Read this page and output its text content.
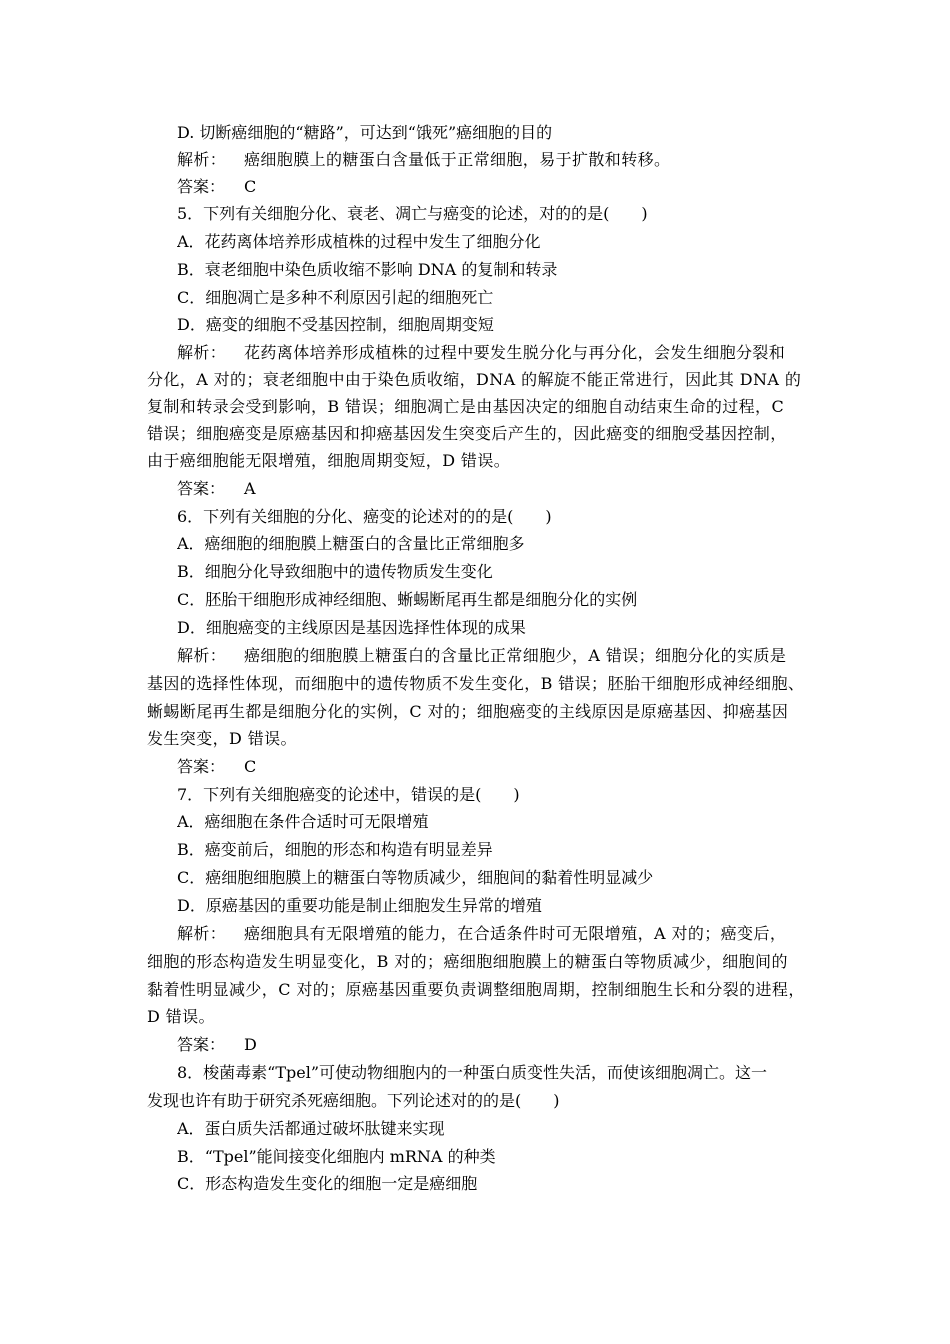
D. 切断癌细胞的“糖路”，可达到“饿死”癌细胞的目的
解析： 癌细胞膜上的糖蛋白含量低于正常细胞，易于扩散和转移。
答案： C
5．下列有关细胞分化、衰老、凋亡与癌变的论述，对的的是(　　)
A．花药离体培养形成植株的过程中发生了细胞分化
B．衰老细胞中染色质收缩不影响 DNA 的复制和转录
C．细胞凋亡是多种不利原因引起的细胞死亡
D．癌变的细胞不受基因控制，细胞周期变短
解析： 花药离体培养形成植株的过程中要发生脱分化与再分化，会发生细胞分裂和
分化，A 对的；衰老细胞中由于染色质收缩，DNA 的解旋不能正常进行，因此其 DNA 的
复制和转录会受到影响，B 错误；细胞凋亡是由基因决定的细胞自动结束生命的过程，C
错误；细胞癌变是原癌基因和抑癌基因发生突变后产生的，因此癌变的细胞受基因控制，
由于癌细胞能无限增殖，细胞周期变短，D 错误。
答案： A
6．下列有关细胞的分化、癌变的论述对的的是(　　)
A．癌细胞的细胞膜上糖蛋白的含量比正常细胞多
B．细胞分化导致细胞中的遗传物质发生变化
C．胚胎干细胞形成神经细胞、蜥蜴断尾再生都是细胞分化的实例
D．细胞癌变的主线原因是基因选择性体现的成果
解析： 癌细胞的细胞膜上糖蛋白的含量比正常细胞少，A 错误；细胞分化的实质是
基因的选择性体现，而细胞中的遗传物质不发生变化，B 错误；胚胎干细胞形成神经细胞、
蜥蜴断尾再生都是细胞分化的实例，C 对的；细胞癌变的主线原因是原癌基因、抑癌基因
发生突变，D 错误。
答案： C
7．下列有关细胞癌变的论述中，错误的是(　　)
A．癌细胞在条件合适时可无限增殖
B．癌变前后，细胞的形态和构造有明显差异
C．癌细胞细胞膜上的糖蛋白等物质减少，细胞间的黏着性明显减少
D．原癌基因的重要功能是制止细胞发生异常的增殖
解析： 癌细胞具有无限增殖的能力，在合适条件时可无限增殖，A 对的；癌变后，
细胞的形态构造发生明显变化，B 对的；癌细胞细胞膜上的糖蛋白等物质减少，细胞间的
黏着性明显减少，C 对的；原癌基因重要负责调整细胞周期，控制细胞生长和分裂的进程，
D 错误。
答案： D
8．梭菌毒素“Tpel”可使动物细胞内的一种蛋白质变性失活，而使该细胞凋亡。这一
发现也许有助于研究杀死癌细胞。下列论述对的的是(　　)
A．蛋白质失活都通过破坏肽键来实现
B．“Tpel”能间接变化细胞内 mRNA 的种类
C．形态构造发生变化的细胞一定是癌细胞
